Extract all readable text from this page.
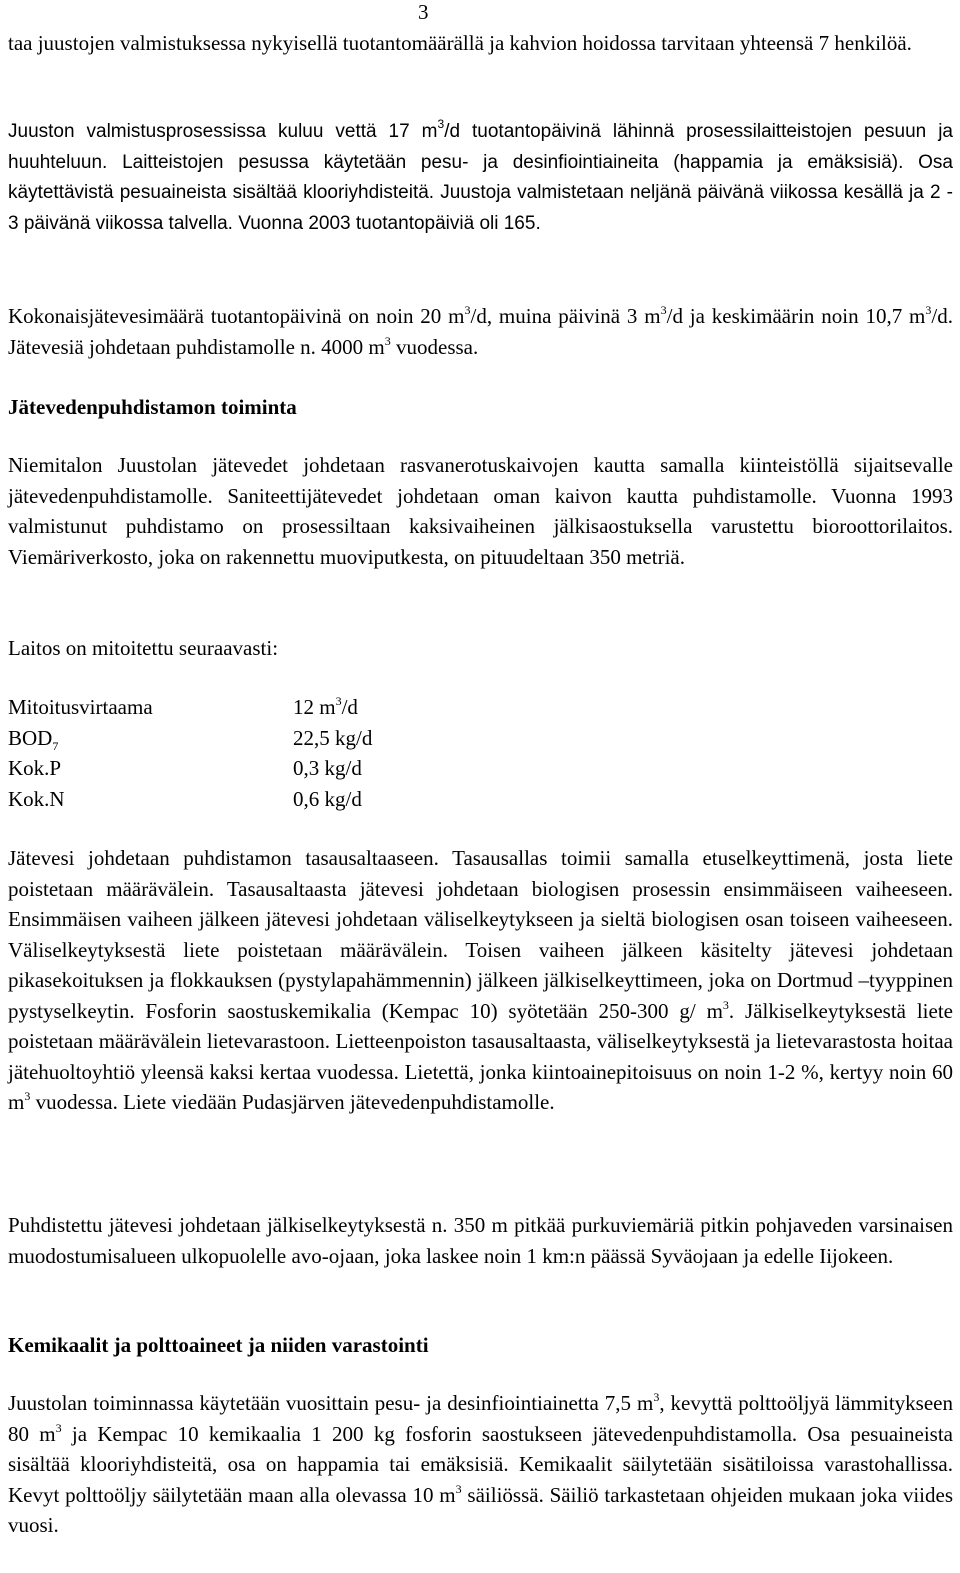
3

taa juustojen valmistuksessa nykyisellä tuotantomäärällä ja kahvion hoidossa tarvitaan yhteensä 7 henkilöä.

Juuston valmistusprosessissa kuluu vettä 17 $m^3/d$ tuotantopäivinä lähinnä prosessilaitteistojen pesuun ja huuhteluun. Laitteistojen pesussa käytetään pesu- ja desinfiointiaineita (happamia ja emäksisiä). Osa käytettävistä pesuaineista sisältää klooriyhdisteitä. Juustoja valmistetaan neljänä päivänä viikossa kesällä ja 2 - 3 päivänä viikossa talvella. Vuonna 2003 tuotantopäiviä oli 165.

Kokonaisjätevesimäärä tuotantopäivinä on noin 20 $m^3/d$, muina päivinä 3 $m^3/d$ ja keskimäärin noin 10,7 $m^3/d$. Jätevesiä johdetaan puhdistamolle n. 4000 $m^3$ vuodessa.

Jätevedenpuhdistamon toiminta

Niemitalon Juustolan jätevedet johdetaan rasvanerotuskaivojen kautta samalla kiinteistöllä sijaitsevalle jätevedenpuhdistamolle. Saniteettijätevedet johdetaan oman kaivon kautta puhdistamolle. Vuonna 1993 valmistunut puhdistamo on prosessiltaan kaksivaiheinen jälkisaostuksella varustettu bioroottorilaitos. Viemäriverkosto, joka on rakennettu muoviputkesta, on pituudeltaan 350 metriä.

Laitos on mitoitettu seuraavasti:

Mitoitusvirtaama	12 $m^3/d$
$BOD_7$	22,5 kg/d
Kok.P	0,3 kg/d
Kok.N	0,6 kg/d

Jätevesi johdetaan puhdistamon tasausaltaaseen. Tasausallas toimii samalla etuselkeyttimenä, josta liete poistetaan määrävälein. Tasausaltaasta jätevesi johdetaan biologisen prosessin ensimmäiseen vaiheeseen. Ensimmäisen vaiheen jälkeen jätevesi johdetaan väliselkeytykseen ja sieltä biologisen osan toiseen vaiheeseen. Väliselkeytyksestä liete poistetaan määrävälein. Toisen vaiheen jälkeen käsitelty jätevesi johdetaan pikasekoituksen ja flokkauksen (pystylapahämmennin) jälkeen jälkiselkeyttimeen, joka on Dortmud –tyyppinen pystyselkeytin. Fosforin saostuskemikalia (Kempac 10) syötetään 250-300 g/ $m^3$. Jälkiselkeytyksestä liete poistetaan määrävälein lietevarastoon. Lietteenpoiston tasausaltaasta, väliselkeytyksestä ja lietevarastosta hoitaa jätehuoltoyhtiö yleensä kaksi kertaa vuodessa. Lietettä, jonka kiintoainepitoisuus on noin 1-2 %, kertyy noin 60 $m^3$ vuodessa. Liete viedään Pudasjärven jätevedenpuhdistamolle.

Puhdistettu jätevesi johdetaan jälkiselkeytyksestä n. 350 m pitkää purkuviemäriä pitkin pohjaveden varsinaisen muodostumisalueen ulkopuolelle avo-ojaan, joka laskee noin 1 km:n päässä Syväojaan ja edelle Iijokeen.

Kemikaalit ja polttoaineet ja niiden varastointi

Juustolan toiminnassa käytetään vuosittain pesu- ja desinfiointiainetta 7,5 $m^3$, kevyttä polttoöljyä lämmitykseen 80 $m^3$ ja Kempac 10 kemikaalia 1 200 kg fosforin saostukseen jätevedenpuhdistamolla. Osa pesuaineista sisältää klooriyhdisteitä, osa on happamia tai emäksisiä. Kemikaalit säilytetään sisätiloissa varastohallissa. Kevyt polttoöljy säilytetään maan alla olevassa 10 $m^3$ säiliössä. Säiliö tarkastetaan ohjeiden mukaan joka viides vuosi.
